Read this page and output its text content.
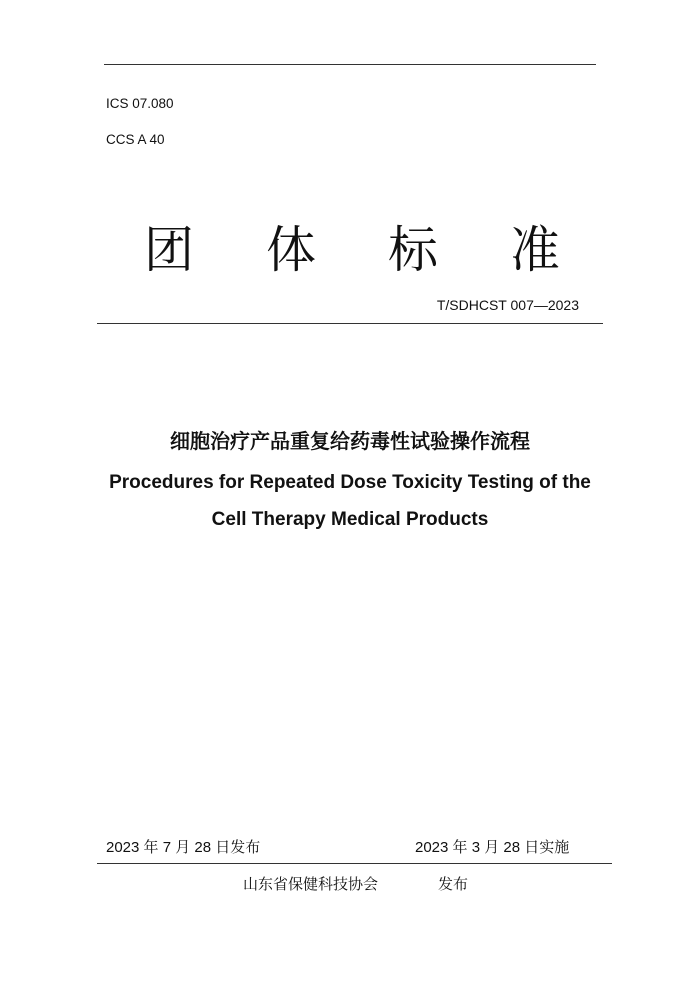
ICS 07.080
CCS A 40
团 体 标 准
T/SDHCST 007—2023
细胞治疗产品重复给药毒性试验操作流程
Procedures for Repeated Dose Toxicity Testing of the
Cell Therapy Medical Products
2023 年 7 月 28 日发布	2023 年 3 月 28 日实施
山东省保健科技协会	发布
